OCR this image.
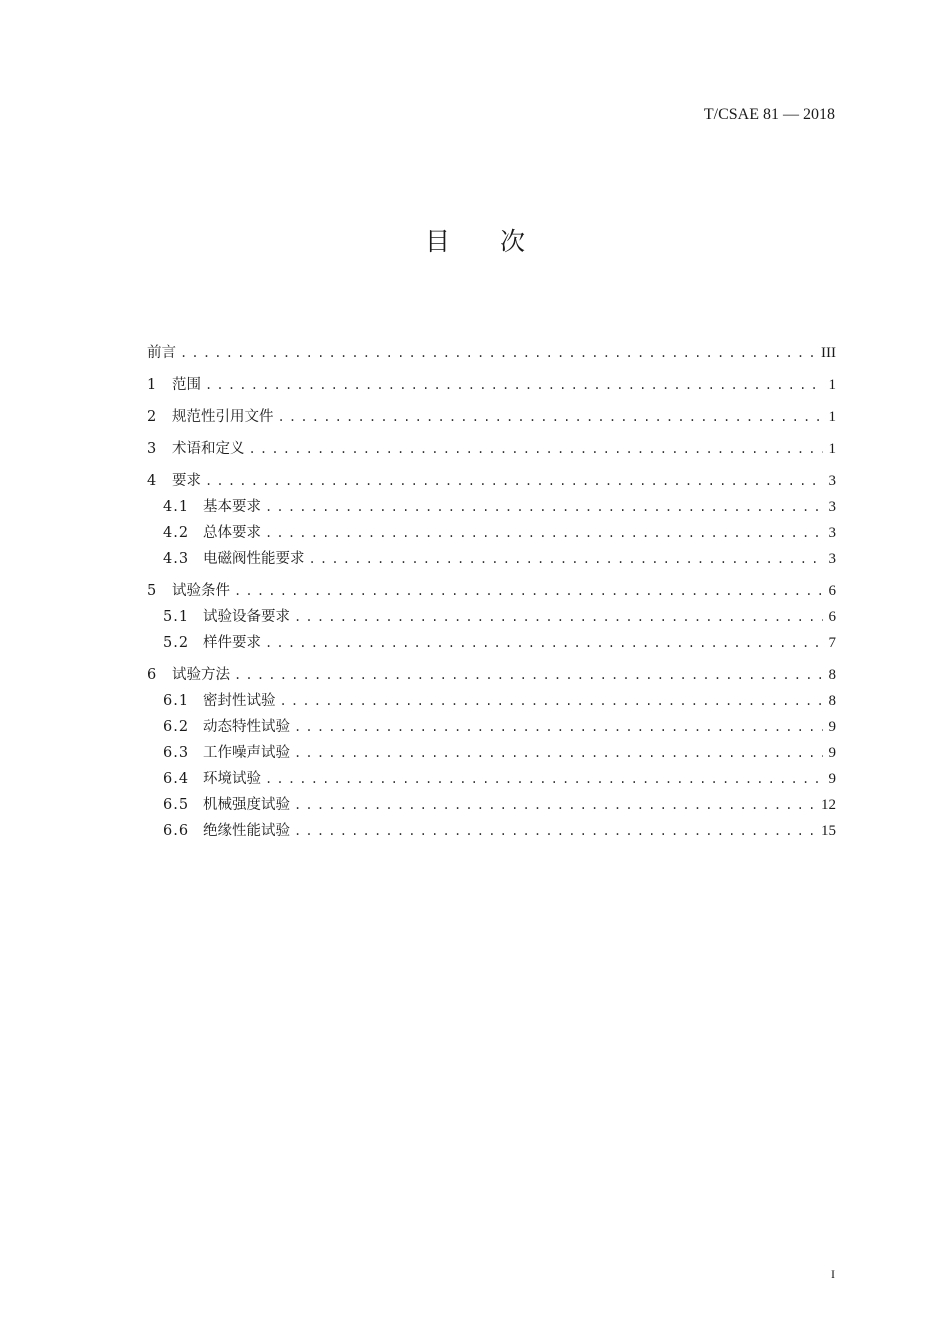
T/CSAE 81 — 2018
目次
前言 .....	III
1	范围 .....	1
2	规范性引用文件 .....	1
3	术语和定义 .....	1
4	要求 .....	3
4.1 基本要求 .....	3
4.2 总体要求 .....	3
4.3 电磁阀性能要求 .....	3
5	试验条件 .....	6
5.1 试验设备要求 .....	6
5.2 样件要求 .....	7
6	试验方法 .....	8
6.1 密封性试验 .....	8
6.2 动态特性试验 .....	9
6.3 工作噪声试验 .....	9
6.4 环境试验 .....	9
6.5 机械强度试验 .....	12
6.6 绝缘性能试验 .....	15
I
